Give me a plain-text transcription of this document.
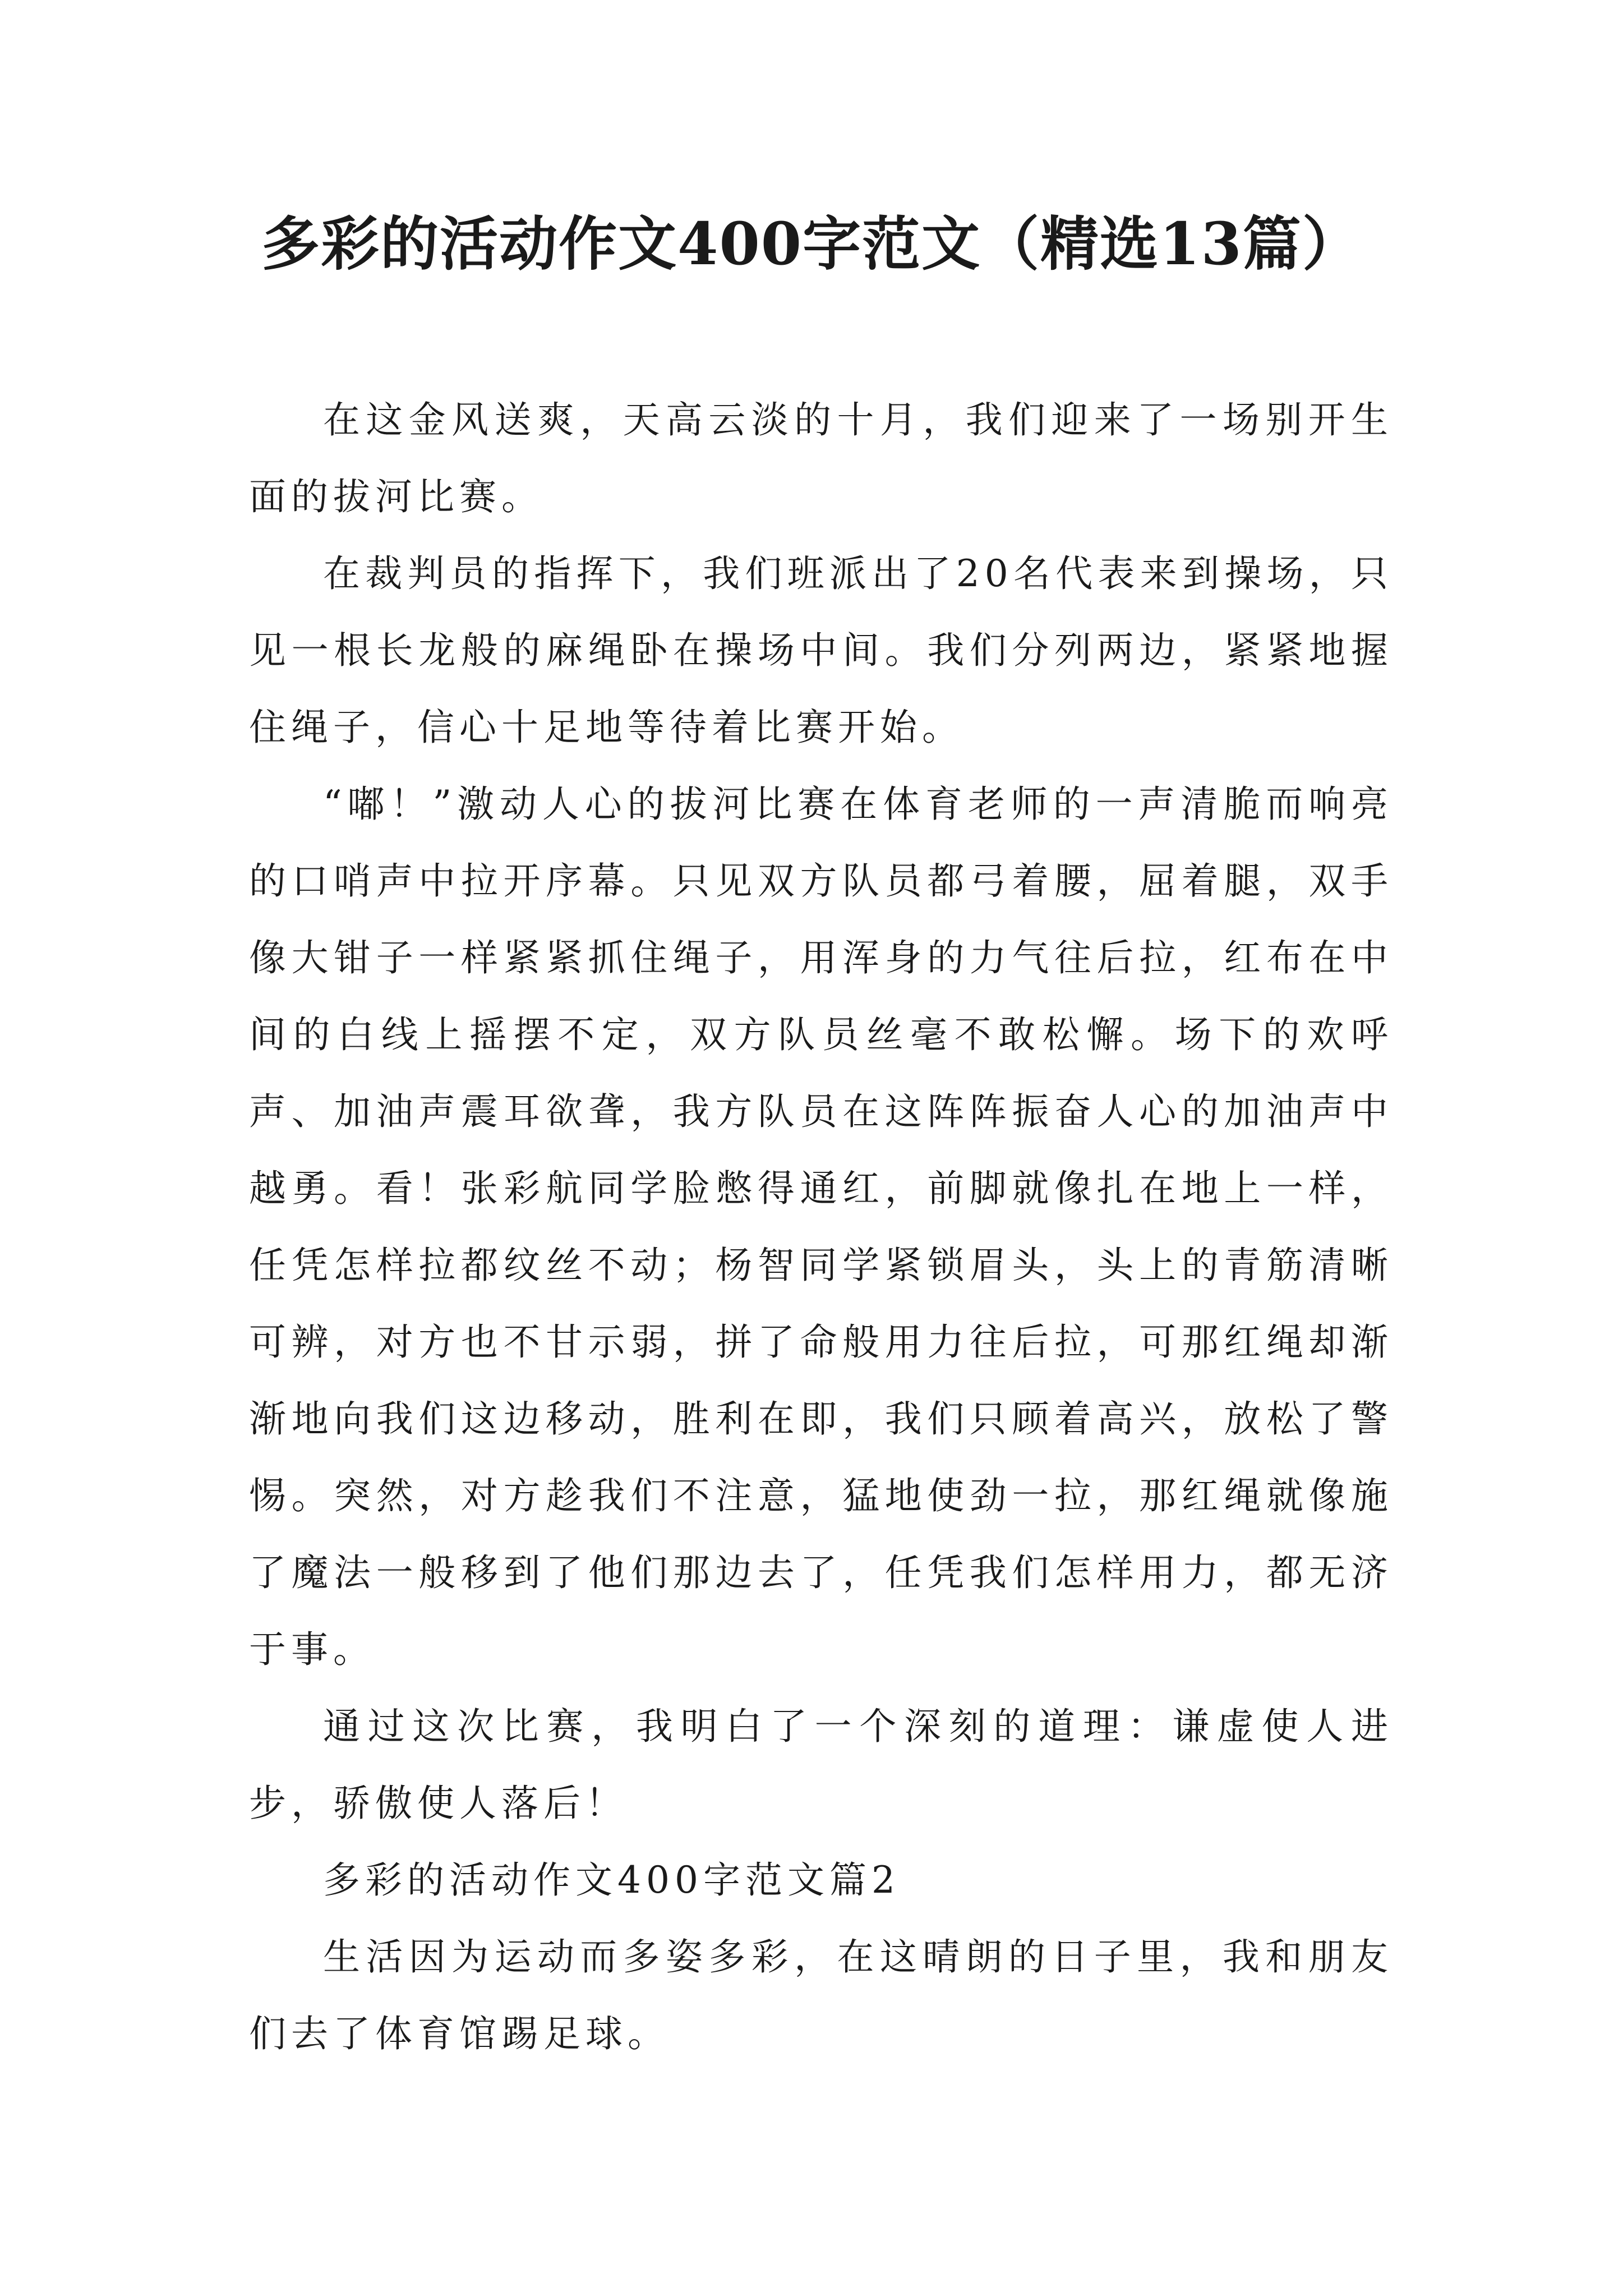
多彩的活动作文400字范文（精选13篇）

在这金风送爽，天高云淡的十月，我们迎来了一场别开生面的拔河比赛。

在裁判员的指挥下，我们班派出了20名代表来到操场，只见一根长龙般的麻绳卧在操场中间。我们分列两边，紧紧地握住绳子，信心十足地等待着比赛开始。

“嘟！”激动人心的拔河比赛在体育老师的一声清脆而响亮的口哨声中拉开序幕。只见双方队员都弓着腰，屈着腿，双手像大钳子一样紧紧抓住绳子，用浑身的力气往后拉，红布在中间的白线上摇摆不定，双方队员丝毫不敢松懈。场下的欢呼声、加油声震耳欲聋，我方队员在这阵阵振奋人心的加油声中越勇。看！张彩航同学脸憋得通红，前脚就像扎在地上一样，任凭怎样拉都纹丝不动；杨智同学紧锁眉头，头上的青筋清晰可辨，对方也不甘示弱，拼了命般用力往后拉，可那红绳却渐渐地向我们这边移动，胜利在即，我们只顾着高兴，放松了警惕。突然，对方趁我们不注意，猛地使劲一拉，那红绳就像施了魔法一般移到了他们那边去了，任凭我们怎样用力，都无济于事。

通过这次比赛，我明白了一个深刻的道理：谦虚使人进步，骄傲使人落后！

多彩的活动作文400字范文篇2

生活因为运动而多姿多彩，在这晴朗的日子里，我和朋友们去了体育馆踢足球。
